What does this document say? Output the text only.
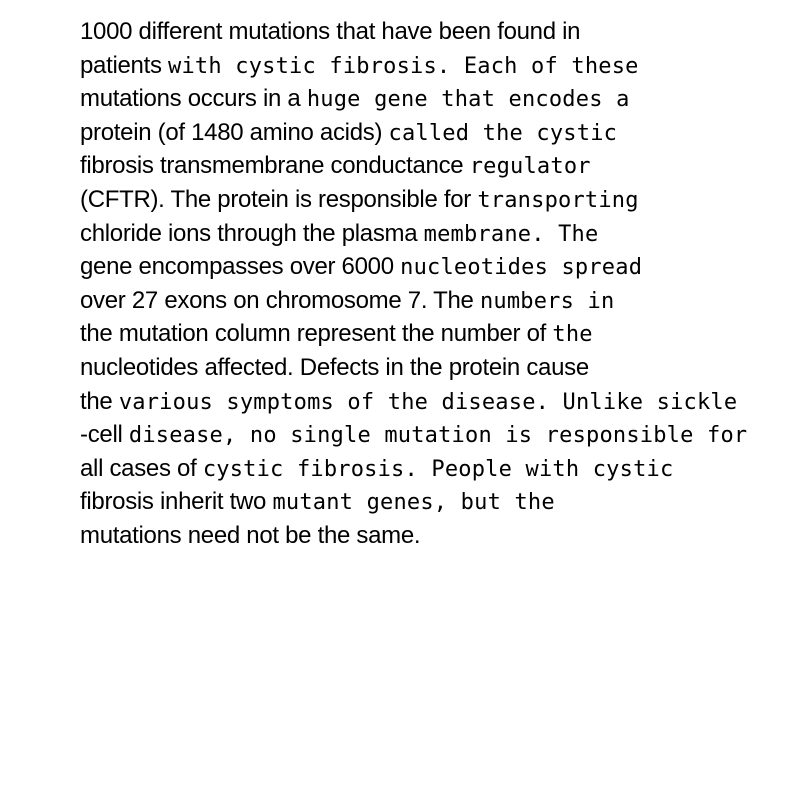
1000 different mutations that have been found in
patients with cystic fibrosis. Each of these
mutations occurs in a huge gene that encodes a
protein (of 1480 amino acids) called the cystic
fibrosis transmembrane conductance regulator
(CFTR). The protein is responsible for transporting
chloride ions through the plasma membrane. The
gene encompasses over 6000 nucleotides spread
over 27 exons on chromosome 7. The numbers in
the mutation column represent the number of the
nucleotides affected. Defects in the protein cause
the various symptoms of the disease. Unlike sickle
-cell disease, no single mutation is responsible for
all cases of cystic fibrosis. People with cystic
fibrosis inherit two mutant genes, but the
mutations need not be the same.
